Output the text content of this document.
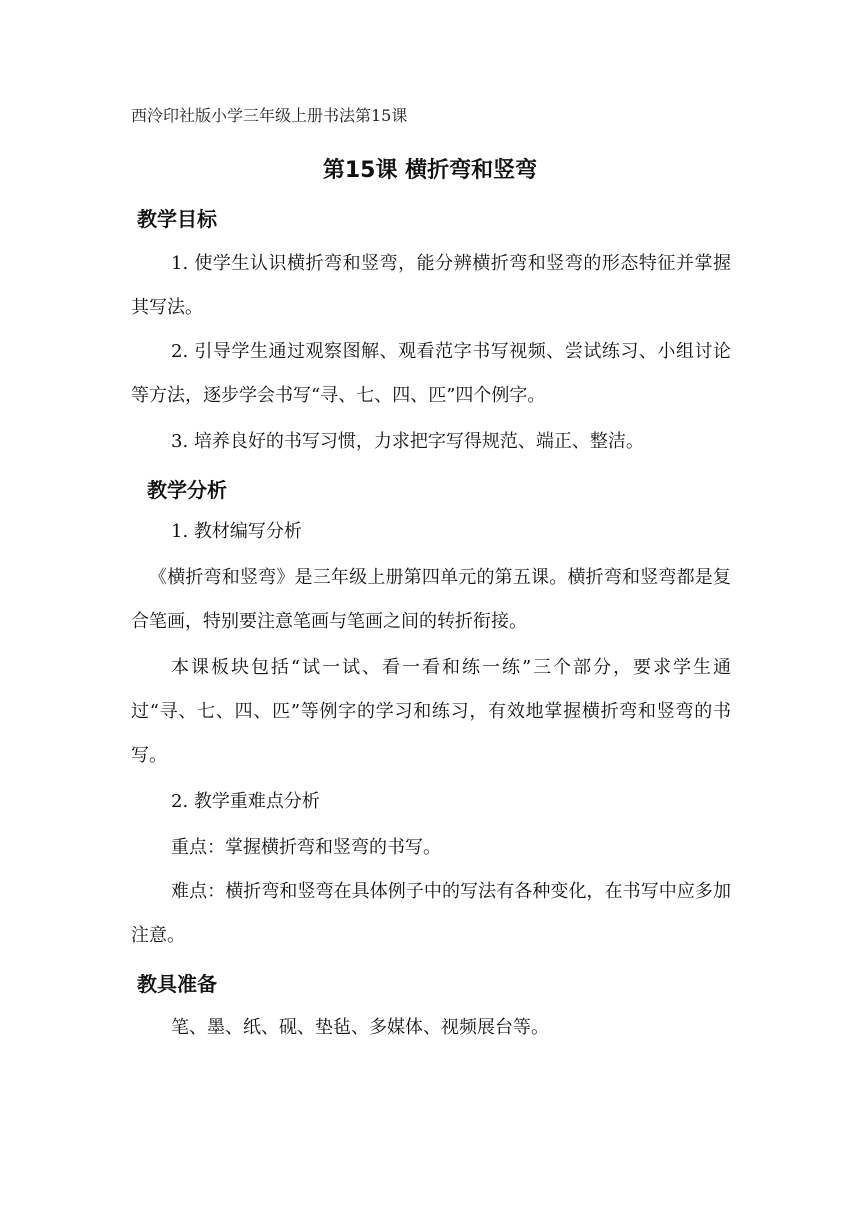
西泠印社版小学三年级上册书法第15课
第15课 横折弯和竖弯
教学目标
1. 使学生认识横折弯和竖弯，能分辨横折弯和竖弯的形态特征并掌握其写法。
2. 引导学生通过观察图解、观看范字书写视频、尝试练习、小组讨论等方法，逐步学会书写“寻、七、四、匹”四个例字。
3. 培养良好的书写习惯，力求把字写得规范、端正、整洁。
教学分析
1. 教材编写分析
《横折弯和竖弯》是三年级上册第四单元的第五课。横折弯和竖弯都是复合笔画，特别要注意笔画与笔画之间的转折衔接。
本课板块包括“试一试、看一看和练一练”三个部分，要求学生通过“寻、七、四、匹”等例字的学习和练习，有效地掌握横折弯和竖弯的书写。
2. 教学重难点分析
重点：掌握横折弯和竖弯的书写。
难点：横折弯和竖弯在具体例子中的写法有各种变化，在书写中应多加注意。
教具准备
笔、墨、纸、砚、垫毡、多媒体、视频展台等。
